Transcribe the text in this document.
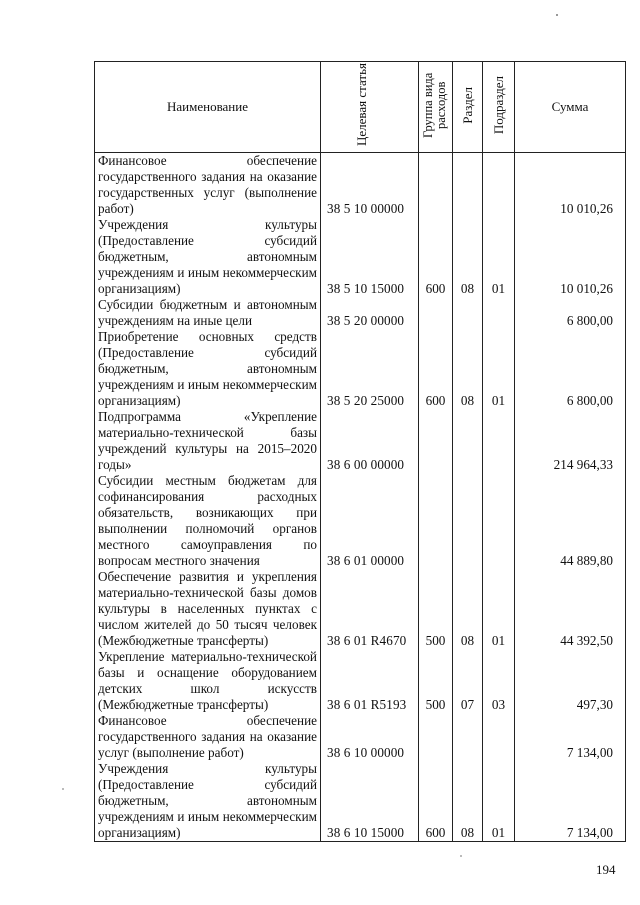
Наименование	Целевая статья	Группа вида расходов	Раздел	Подраздел	Сумма
Финансовое обеспечение государственного задания на оказание государственных услуг (выполнение работ)	38 5 10 00000				10 010,26
Учреждения культуры (Предоставление субсидий бюджетным, автономным учреждениям и иным некоммерческим организациям)	38 5 10 15000	600	08	01	10 010,26
Субсидии бюджетным и автономным учреждениям на иные цели	38 5 20 00000				6 800,00
Приобретение основных средств (Предоставление субсидий бюджетным, автономным учреждениям и иным некоммерческим организациям)	38 5 20 25000	600	08	01	6 800,00
Подпрограмма «Укрепление материально-технической базы учреждений культуры на 2015–2020 годы»	38 6 00 00000				214 964,33
Субсидии местным бюджетам для софинансирования расходных обязательств, возникающих при выполнении полномочий органов местного самоуправления по вопросам местного значения	38 6 01 00000				44 889,80
Обеспечение развития и укрепления материально-технической базы домов культуры в населенных пунктах с числом жителей до 50 тысяч человек (Межбюджетные трансферты)	38 6 01 R4670	500	08	01	44 392,50
Укрепление материально-технической базы и оснащение оборудованием детских школ искусств (Межбюджетные трансферты)	38 6 01 R5193	500	07	03	497,30
Финансовое обеспечение государственного задания на оказание услуг (выполнение работ)	38 6 10 00000				7 134,00
Учреждения культуры (Предоставление субсидий бюджетным, автономным учреждениям и иным некоммерческим организациям)	38 6 10 15000	600	08	01	7 134,00
194
